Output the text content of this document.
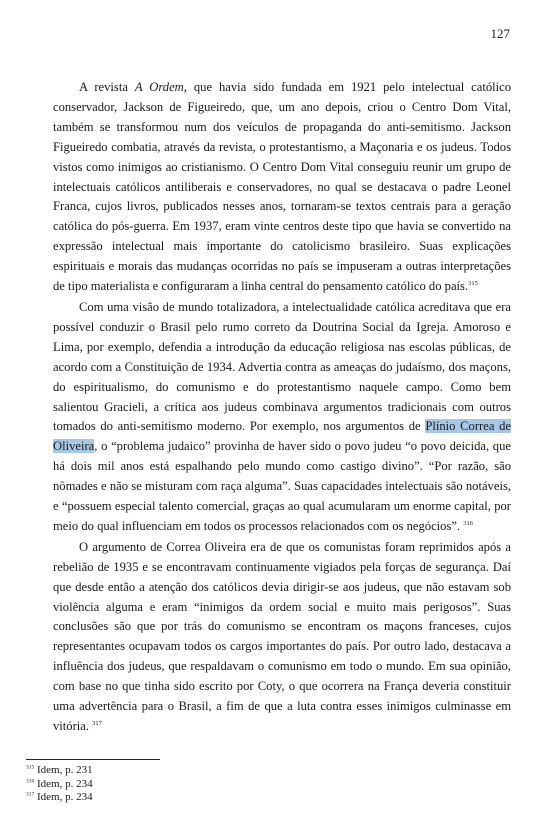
127

A revista A Ordem, que havia sido fundada em 1921 pelo intelectual católico conservador, Jackson de Figueiredo, que, um ano depois, criou o Centro Dom Vital, também se transformou num dos veículos de propaganda do anti-semitismo. Jackson Figueiredo combatia, através da revista, o protestantismo, a Maçonaria e os judeus. Todos vistos como inimigos ao cristianismo. O Centro Dom Vital conseguiu reunir um grupo de intelectuais católicos antiliberais e conservadores, no qual se destacava o padre Leonel Franca, cujos livros, publicados nesses anos, tornaram-se textos centrais para a geração católica do pós-guerra. Em 1937, eram vinte centros deste tipo que havia se convertido na expressão intelectual mais importante do catolicismo brasileiro. Suas explicações espirituais e morais das mudanças ocorridas no país se impuseram a outras interpretações de tipo materialista e configuraram a linha central do pensamento católico do país.$^{315}$

Com uma visão de mundo totalizadora, a intelectualidade católica acreditava que era possível conduzir o Brasil pelo rumo correto da Doutrina Social da Igreja. Amoroso e Lima, por exemplo, defendia a introdução da educação religiosa nas escolas públicas, de acordo com a Constituição de 1934. Advertia contra as ameaças do judaísmo, dos maçons, do espiritualismo, do comunismo e do protestantismo naquele campo. Como bem salientou Gracieli, a crítica aos judeus combinava argumentos tradicionais com outros tomados do anti-semitismo moderno. Por exemplo, nos argumentos de Plínio Correa de Oliveira, o “problema judaico” provinha de haver sido o povo judeu “o povo deicida, que há dois mil anos está espalhando pelo mundo como castigo divino”. “Por razão, são nômades e não se misturam com raça alguma”. Suas capacidades intelectuais são notáveis, e “possuem especial talento comercial, graças ao qual acumularam um enorme capital, por meio do qual influenciam em todos os processos relacionados com os negócios”. $^{316}$

O argumento de Correa Oliveira era de que os comunistas foram reprimidos após a rebelião de 1935 e se encontravam continuamente vigiados pela forças de segurança. Daí que desde então a atenção dos católicos devia dirigir-se aos judeus, que não estavam sob violência alguma e eram “inimigos da ordem social e muito mais perigosos”. Suas conclusões são que por trás do comunismo se encontram os maçons franceses, cujos representantes ocupavam todos os cargos importantes do país. Por outro lado, destacava a influência dos judeus, que respaldavam o comunismo em todo o mundo. Em sua opinião, com base no que tinha sido escrito por Coty, o que ocorrera na França deveria constituir uma advertência para o Brasil, a fim de que a luta contra esses inimigos culminasse em vitória. $^{317}$

$^{315}$ Idem, p. 231
$^{316}$ Idem, p. 234
$^{317}$ Idem, p. 234
